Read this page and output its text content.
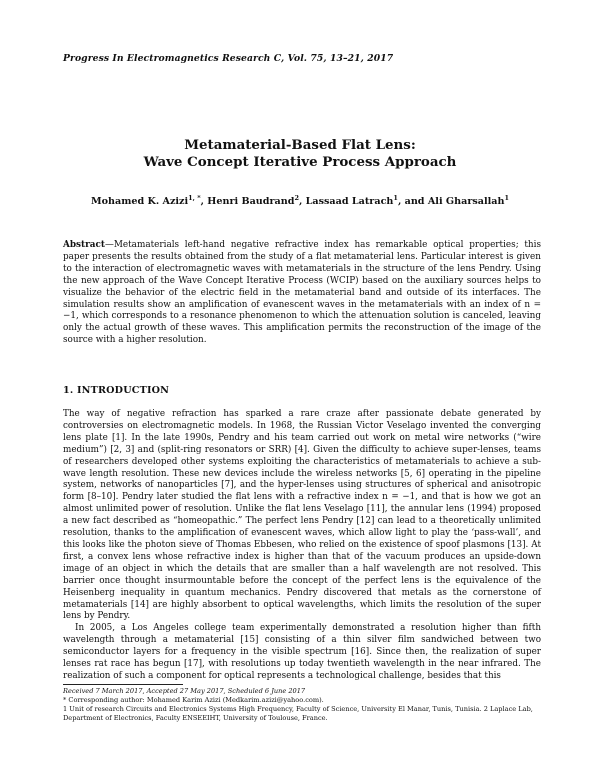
Progress In Electromagnetics Research C, Vol. 75, 13–21, 2017
Metamaterial-Based Flat Lens:
Wave Concept Iterative Process Approach
Mohamed K. Azizi$^{1, *}$, Henri Baudrand$^2$, Lassaad Latrach$^1$, and Ali Gharsallah$^1$
Abstract—Metamaterials left-hand negative refractive index has remarkable optical properties; this paper presents the results obtained from the study of a flat metamaterial lens. Particular interest is given to the interaction of electromagnetic waves with metamaterials in the structure of the lens Pendry. Using the new approach of the Wave Concept Iterative Process (WCIP) based on the auxiliary sources helps to visualize the behavior of the electric field in the metamaterial band and outside of its interfaces. The simulation results show an amplification of evanescent waves in the metamaterials with an index of n = −1, which corresponds to a resonance phenomenon to which the attenuation solution is canceled, leaving only the actual growth of these waves. This amplification permits the reconstruction of the image of the source with a higher resolution.
1. INTRODUCTION

The way of negative refraction has sparked a rare craze after passionate debate generated by controversies on electromagnetic models. In 1968, the Russian Victor Veselago invented the converging lens plate [1]. In the late 1990s, Pendry and his team carried out work on metal wire networks (“wire medium”) [2, 3] and (split-ring resonators or SRR) [4]. Given the difficulty to achieve super-lenses, teams of researchers developed other systems exploiting the characteristics of metamaterials to achieve a sub-wave length resolution. These new devices include the wireless networks [5, 6] operating in the pipeline system, networks of nanoparticles [7], and the hyper-lenses using structures of spherical and anisotropic form [8–10]. Pendry later studied the flat lens with a refractive index n = −1, and that is how we got an almost unlimited power of resolution. Unlike the flat lens Veselago [11], the annular lens (1994) proposed a new fact described as “homeopathic.” The perfect lens Pendry [12] can lead to a theoretically unlimited resolution, thanks to the amplification of evanescent waves, which allow light to play the ‘pass-wall’, and this looks like the photon sieve of Thomas Ebbesen, who relied on the existence of spoof plasmons [13]. At first, a convex lens whose refractive index is higher than that of the vacuum produces an upside-down image of an object in which the details that are smaller than a half wavelength are not resolved. This barrier once thought insurmountable before the concept of the perfect lens is the equivalence of the Heisenberg inequality in quantum mechanics. Pendry discovered that metals as the cornerstone of metamaterials [14] are highly absorbent to optical wavelengths, which limits the resolution of the super lens by Pendry.

In 2005, a Los Angeles college team experimentally demonstrated a resolution higher than fifth wavelength through a metamaterial [15] consisting of a thin silver film sandwiched between two semiconductor layers for a frequency in the visible spectrum [16]. Since then, the realization of super lenses rat race has begun [17], with resolutions up today twentieth wavelength in the near infrared. The realization of such a component for optical represents a technological challenge, besides that this

Received 7 March 2017, Accepted 27 May 2017, Scheduled 6 June 2017
* Corresponding author: Mohamed Karim Azizi (Medkarim.azizi@yahoo.com).
1 Unit of research Circuits and Electronics Systems High Frequency, Faculty of Science, University El Manar, Tunis, Tunisia. 2 Laplace Lab, Department of Electronics, Faculty ENSEEIHT, University of Toulouse, France.
